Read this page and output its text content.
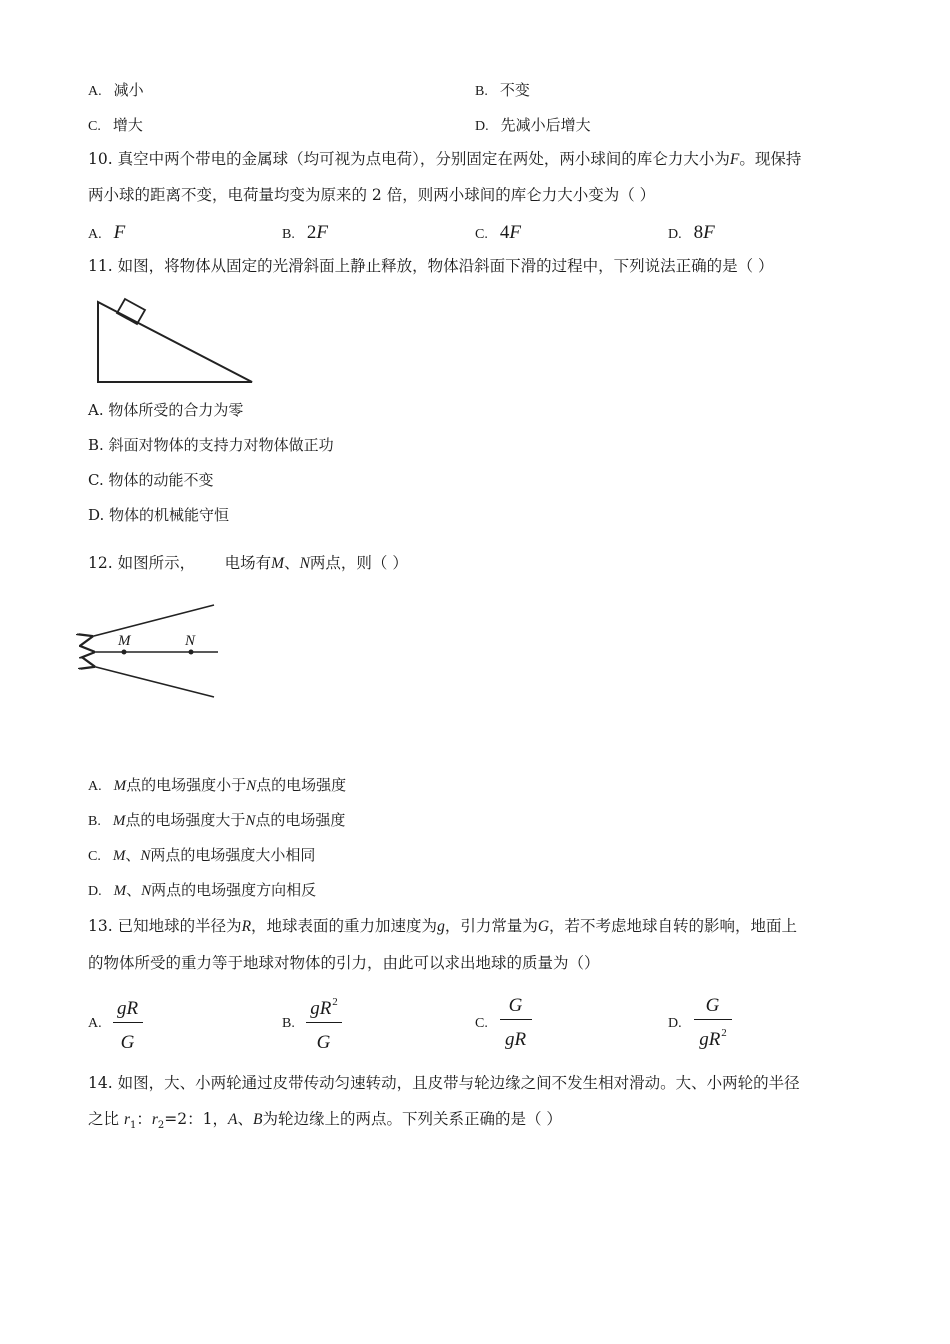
A. 减小	B. 不变
C. 增大	D. 先减小后增大
10. 真空中两个带电的金属球（均可视为点电荷），分别固定在两处，两小球间的库仑力大小为F。现保持
两小球的距离不变，电荷量均变为原来的 2 倍，则两小球间的库仑力大小变为（ ）
A. F	B. 2F	C. 4F	D. 8F
11. 如图，将物体从固定的光滑斜面上静止释放，物体沿斜面下滑的过程中，下列说法正确的是（ ）
A. 物体所受的合力为零
B. 斜面对物体的支持力对物体做正功
C. 物体的动能不变
D. 物体的机械能守恒
12. 如图所示，      电场有M、N两点，则（ ）
M	N
A. M点的电场强度小于N点的电场强度
B. M点的电场强度大于N点的电场强度
C. M、N两点的电场强度大小相同
D. M、N两点的电场强度方向相反
13. 已知地球的半径为R，地球表面的重力加速度为g，引力常量为G，若不考虑地球自转的影响，地面上
的物体所受的重力等于地球对物体的引力，由此可以求出地球的质量为（）
A.
gR
G
B.
$gR^2$
G
C.
G
gR
D.
G
$gR^2$
14. 如图，大、小两轮通过皮带传动匀速转动，且皮带与轮边缘之间不发生相对滑动。大、小两轮的半径
之比 $r_1$：$r_2=2$：1，A、B为轮边缘上的两点。下列关系正确的是（ ）
